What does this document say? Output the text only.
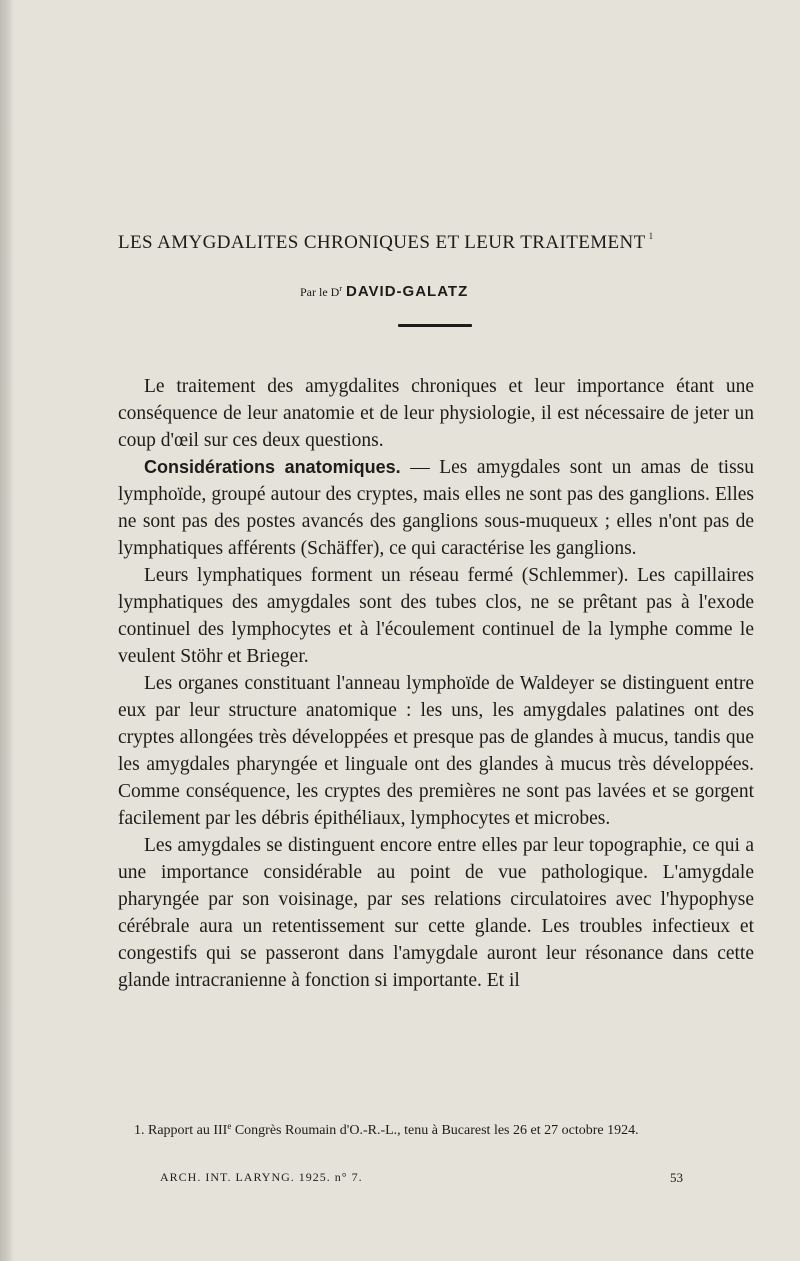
LES AMYGDALITES CHRONIQUES ET LEUR TRAITEMENT $^1$
Par le $D^r$ DAVID-GALATZ

Le traitement des amygdalites chroniques et leur importance étant une conséquence de leur anatomie et de leur physiologie, il est nécessaire de jeter un coup d'œil sur ces deux questions.

Considérations anatomiques. — Les amygdales sont un amas de tissu lymphoïde, groupé autour des cryptes, mais elles ne sont pas des ganglions. Elles ne sont pas des postes avancés des ganglions sous-muqueux ; elles n'ont pas de lymphatiques afférents (Schäffer), ce qui caractérise les ganglions.

Leurs lymphatiques forment un réseau fermé (Schlemmer). Les capillaires lymphatiques des amygdales sont des tubes clos, ne se prêtant pas à l'exode continuel des lymphocytes et à l'écoulement continuel de la lymphe comme le veulent Stöhr et Brieger.

Les organes constituant l'anneau lymphoïde de Waldeyer se distinguent entre eux par leur structure anatomique : les uns, les amygdales palatines ont des cryptes allongées très développées et presque pas de glandes à mucus, tandis que les amygdales pharyngée et linguale ont des glandes à mucus très développées. Comme conséquence, les cryptes des premières ne sont pas lavées et se gorgent facilement par les débris épithéliaux, lymphocytes et microbes.

Les amygdales se distinguent encore entre elles par leur topographie, ce qui a une importance considérable au point de vue pathologique. L'amygdale pharyngée par son voisinage, par ses relations circulatoires avec l'hypophyse cérébrale aura un retentissement sur cette glande. Les troubles infectieux et congestifs qui se passeront dans l'amygdale auront leur résonance dans cette glande intracranienne à fonction si importante. Et il

1. Rapport au IIIe Congrès Roumain d'O.-R.-L., tenu à Bucarest les 26 et 27 octobre 1924.

ARCH. INT. LARYNG. 1925. n° 7.	53
